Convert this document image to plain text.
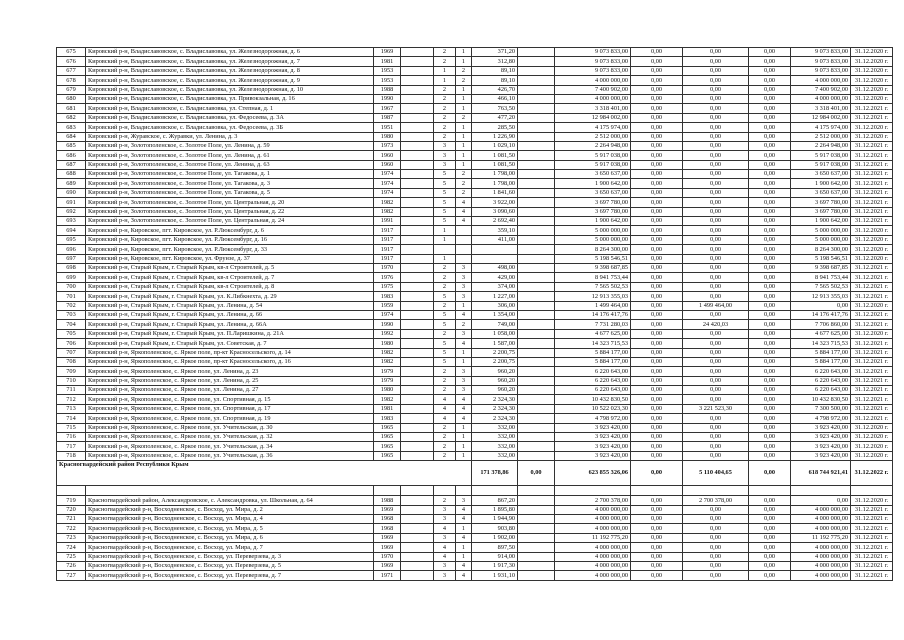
675	Кировский р-н, Владиславовское, с. Владиславовка, ул. Железнодорожная, д. 6	1969		2	1	371,20		9 073 833,00	0,00	0,00	0,00	9 073 833,00	31.12.2020 г.
676	Кировский р-н, Владиславовское, с. Владиславовка, ул. Железнодорожная, д. 7	1981		2	1	312,80		9 073 833,00	0,00	0,00	0,00	9 073 833,00	31.12.2020 г.
677	Кировский р-н, Владиславовское, с. Владиславовка, ул. Железнодорожная, д. 8	1953		1	2	89,10		9 073 833,00	0,00	0,00	0,00	9 073 833,00	31.12.2020 г.
678	Кировский р-н, Владиславовское, с. Владиславовка, ул. Железнодорожная, д. 9	1953		1	2	89,10		4 000 000,00	0,00	0,00	0,00	4 000 000,00	31.12.2020 г.
679	Кировский р-н, Владиславовское, с. Владиславовка, ул. Железнодорожная, д. 10	1988		2	1	426,70		7 400 902,00	0,00	0,00	0,00	7 400 902,00	31.12.2020 г.
680	Кировский р-н, Владиславовское, с. Владиславовка, ул. Привокзальная, д. 16	1990		2	1	466,10		4 000 000,00	0,00	0,00	0,00	4 000 000,00	31.12.2020 г.
681	Кировский р-н, Владиславовское, с. Владиславовка, ул. Степная, д. 1	1967		2	1	763,50		3 318 401,00	0,00	0,00	0,00	3 318 401,00	31.12.2021 г.
682	Кировский р-н, Владиславовское, с. Владиславовка, ул. Федосеева, д. 3А	1987		2	2	477,20		12 984 002,00	0,00	0,00	0,00	12 984 002,00	31.12.2021 г.
683	Кировский р-н, Владиславовское, с. Владиславовка, ул. Федосеева, д. 3Б	1951		2	1	285,50		4 175 974,00	0,00	0,00	0,00	4 175 974,00	31.12.2020 г.
684	Кировский р-н, Журавское, с. Журавки, ул. Ленина, д. 3	1980		2	1	1 226,90		2 512 000,00	0,00	0,00	0,00	2 512 000,00	31.12.2020 г.
685	Кировский р-н, Золотополенское, с. Золотое Поле, ул. Ленина, д. 59	1973		3	1	1 029,10		2 264 948,00	0,00	0,00	0,00	2 264 948,00	31.12.2021 г.
686	Кировский р-н, Золотополенское, с. Золотое Поле, ул. Ленина, д. 61	1960		3	1	1 081,50		5 917 038,00	0,00	0,00	0,00	5 917 038,00	31.12.2021 г.
687	Кировский р-н, Золотополенское, с. Золотое Поле, ул. Ленина, д. 63	1960		3	1	1 081,50		5 917 038,00	0,00	0,00	0,00	5 917 038,00	31.12.2021 г.
688	Кировский р-н, Золотополенское, с. Золотое Поле, ул. Тагакова, д. 1	1974		5	2	1 798,00		3 650 637,00	0,00	0,00	0,00	3 650 637,00	31.12.2021 г.
689	Кировский р-н, Золотополенское, с. Золотое Поле, ул. Тагакова, д. 3	1974		5	2	1 798,00		1 900 642,00	0,00	0,00	0,00	1 900 642,00	31.12.2021 г.
690	Кировский р-н, Золотополенское, с. Золотое Поле, ул. Тагакова, д. 5	1974		5	2	1 841,60		3 650 637,00	0,00	0,00	0,00	3 650 637,00	31.12.2021 г.
691	Кировский р-н, Золотополенское, с. Золотое Поле, ул. Центральная, д. 20	1982		5	4	3 922,00		3 697 780,00	0,00	0,00	0,00	3 697 780,00	31.12.2021 г.
692	Кировский р-н, Золотополенское, с. Золотое Поле, ул. Центральная, д. 22	1982		5	4	3 090,60		3 697 780,00	0,00	0,00	0,00	3 697 780,00	31.12.2021 г.
693	Кировский р-н, Золотополенское, с. Золотое Поле, ул. Центральная, д. 24	1991		5	4	2 692,40		1 900 642,00	0,00	0,00	0,00	1 900 642,00	31.12.2021 г.
694	Кировский р-н, Кировское, пгт. Кировское, ул. Р.Люксембург, д. 6	1917		1		359,10		5 000 000,00	0,00	0,00	0,00	5 000 000,00	31.12.2020 г.
695	Кировский р-н, Кировское, пгт. Кировское, ул. Р.Люксембург, д. 16	1917		1		411,00		5 000 000,00	0,00	0,00	0,00	5 000 000,00	31.12.2020 г.
696	Кировский р-н, Кировское, пгт. Кировское, ул. Р.Люксембург, д. 33	1917						8 264 300,00	0,00	0,00	0,00	8 264 300,00	31.12.2020 г.
697	Кировский р-н, Кировское, пгт. Кировское, ул. Фрунзе, д. 37	1917		1				5 198 546,51	0,00	0,00	0,00	5 198 546,51	31.12.2020 г.
698	Кировский р-н, Старый Крым, г. Старый Крым, кв-л Строителей, д. 5	1970		2	3	498,00		9 398 687,85	0,00	0,00	0,00	9 398 687,85	31.12.2021 г.
699	Кировский р-н, Старый Крым, г. Старый Крым, кв-л Строителей, д. 7	1976		2	3	429,00		8 941 753,44	0,00	0,00	0,00	8 941 753,44	31.12.2021 г.
700	Кировский р-н, Старый Крым, г. Старый Крым, кв-л Строителей, д. 8	1975		2	3	374,00		7 565 502,53	0,00	0,00	0,00	7 565 502,53	31.12.2021 г.
701	Кировский р-н, Старый Крым, г. Старый Крым, ул. К.Либкнехта, д. 29	1983		5	3	1 227,00		12 913 355,03	0,00	0,00	0,00	12 913 355,03	31.12.2021 г.
702	Кировский р-н, Старый Крым, г. Старый Крым, ул. Ленина, д. 54	1959		2	1	306,00		1 499 464,00	0,00	1 499 464,00	0,00	0,00	31.12.2020 г.
703	Кировский р-н, Старый Крым, г. Старый Крым, ул. Ленина, д. 66	1974		5	4	1 354,00		14 176 417,76	0,00	0,00	0,00	14 176 417,76	31.12.2021 г.
704	Кировский р-н, Старый Крым, г. Старый Крым, ул. Ленина, д. 66А	1990		5	2	749,00		7 731 280,03	0,00	24 420,03	0,00	7 706 860,00	31.12.2021 г.
705	Кировский р-н, Старый Крым, г. Старый Крым, ул. П.Ларишкина, д. 21А	1992		2	3	1 058,00		4 677 625,00	0,00	0,00	0,00	4 677 625,00	31.12.2020 г.
706	Кировский р-н, Старый Крым, г. Старый Крым, ул. Советская, д. 7	1980		5	4	1 587,00		14 323 715,53	0,00	0,00	0,00	14 323 715,53	31.12.2021 г.
707	Кировский р-н, Яркополенское, с. Яркое поле, пр-кт Красносельского, д. 14	1982		5	1	2 200,75		5 884 177,00	0,00	0,00	0,00	5 884 177,00	31.12.2021 г.
708	Кировский р-н, Яркополенское, с. Яркое поле, пр-кт Красносельского, д. 16	1982		5	1	2 200,75		5 884 177,00	0,00	0,00	0,00	5 884 177,00	31.12.2021 г.
709	Кировский р-н, Яркополенское, с. Яркое поле, ул. Ленина, д. 23	1979		2	3	960,20		6 220 643,00	0,00	0,00	0,00	6 220 643,00	31.12.2021 г.
710	Кировский р-н, Яркополенское, с. Яркое поле, ул. Ленина, д. 25	1979		2	3	960,20		6 220 643,00	0,00	0,00	0,00	6 220 643,00	31.12.2021 г.
711	Кировский р-н, Яркополенское, с. Яркое поле, ул. Ленина, д. 27	1980		2	3	960,20		6 220 643,00	0,00	0,00	0,00	6 220 643,00	31.12.2021 г.
712	Кировский р-н, Яркополенское, с. Яркое поле, ул. Спортивная, д. 15	1982		4	4	2 324,30		10 432 830,50	0,00	0,00	0,00	10 432 830,50	31.12.2021 г.
713	Кировский р-н, Яркополенское, с. Яркое поле, ул. Спортивная, д. 17	1981		4	4	2 324,30		10 522 023,30	0,00	3 221 523,30	0,00	7 300 500,00	31.12.2021 г.
714	Кировский р-н, Яркополенское, с. Яркое поле, ул. Спортивная, д. 19	1983		4	4	2 324,30		4 798 972,00	0,00	0,00	0,00	4 798 972,00	31.12.2021 г.
715	Кировский р-н, Яркополенское, с. Яркое поле, ул. Учительская, д. 30	1965		2	1	332,00		3 923 420,00	0,00	0,00	0,00	3 923 420,00	31.12.2020 г.
716	Кировский р-н, Яркополенское, с. Яркое поле, ул. Учительская, д. 32	1965		2	1	332,00		3 923 420,00	0,00	0,00	0,00	3 923 420,00	31.12.2020 г.
717	Кировский р-н, Яркополенское, с. Яркое поле, ул. Учительская, д. 34	1965		2	1	332,00		3 923 420,00	0,00	0,00	0,00	3 923 420,00	31.12.2020 г.
718	Кировский р-н, Яркополенское, с. Яркое поле, ул. Учительская, д. 36	1965		2	1	332,00		3 923 420,00	0,00	0,00	0,00	3 923 420,00	31.12.2020 г.
Красногвардейский район Республики Крым						171 378,86	0,00	623 855 326,06	0,00	5 110 404,65	0,00	618 744 921,41	31.12.2022 г.

719	Красногвардейский район, Александровское, с. Александровка, ул. Школьная, д. 64	1988		2	3	867,20		2 700 378,00	0,00	2 700 378,00	0,00	0,00	31.12.2020 г.
720	Красногвардейский р-н, Восходненское, с. Восход, ул. Мира, д. 2	1969		3	4	1 895,80		4 000 000,00	0,00	0,00	0,00	4 000 000,00	31.12.2021 г.
721	Красногвардейский р-н, Восходненское, с. Восход, ул. Мира, д. 4	1968		3	4	1 944,90		4 000 000,00	0,00	0,00	0,00	4 000 000,00	31.12.2021 г.
722	Красногвардейский р-н, Восходненское, с. Восход, ул. Мира, д. 5	1968		4	1	903,80		4 000 000,00	0,00	0,00	0,00	4 000 000,00	31.12.2021 г.
723	Красногвардейский р-н, Восходненское, с. Восход, ул. Мира, д. 6	1969		3	4	1 902,00		11 192 775,20	0,00	0,00	0,00	11 192 775,20	31.12.2021 г.
724	Красногвардейский р-н, Восходненское, с. Восход, ул. Мира, д. 7	1969		4	1	897,50		4 000 000,00	0,00	0,00	0,00	4 000 000,00	31.12.2021 г.
725	Красногвардейский р-н, Восходненское, с. Восход, ул. Переверзева, д. 3	1970		4	1	914,00		4 000 000,00	0,00	0,00	0,00	4 000 000,00	31.12.2021 г.
726	Красногвардейский р-н, Восходненское, с. Восход, ул. Переверзева, д. 5	1969		3	4	1 917,30		4 000 000,00	0,00	0,00	0,00	4 000 000,00	31.12.2021 г.
727	Красногвардейский р-н, Восходненское, с. Восход, ул. Переверзева, д. 7	1971		3	4	1 931,10		4 000 000,00	0,00	0,00	0,00	4 000 000,00	31.12.2021 г.
